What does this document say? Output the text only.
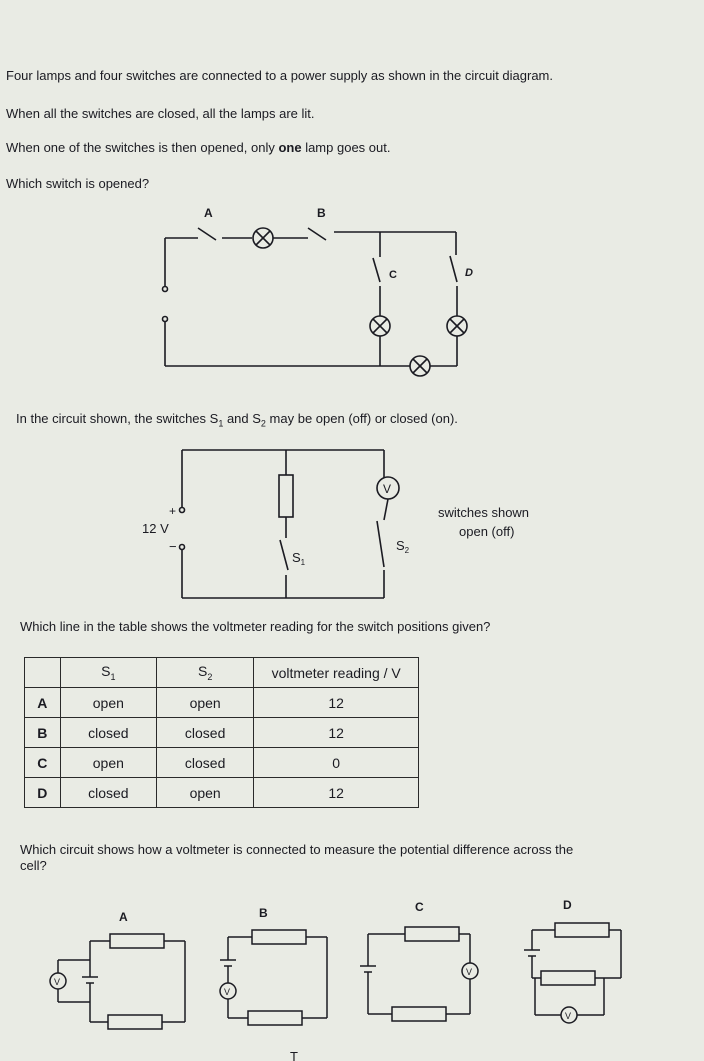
Four lamps and four switches are connected to a power supply as shown in the circuit diagram.
When all the switches are closed, all the lamps are lit.
When one of the switches is then opened, only one lamp goes out.
Which switch is opened?
A	B
C	D
In the circuit shown, the switches $S_1$ and $S_2$ may be open (off) or closed (on).
+
−
12 V
V
$S_1$
$S_2$
switches shown
open (off)
Which line in the table shows the voltmeter reading for the switch positions given?
	$S_1$	$S_2$	voltmeter reading / V
A	open	open	12
B	closed	closed	12
C	open	closed	0
D	closed	open	12
Which circuit shows how a voltmeter is connected to measure the potential difference across the
cell?
A	B	C	D
V
V
V
V
T
